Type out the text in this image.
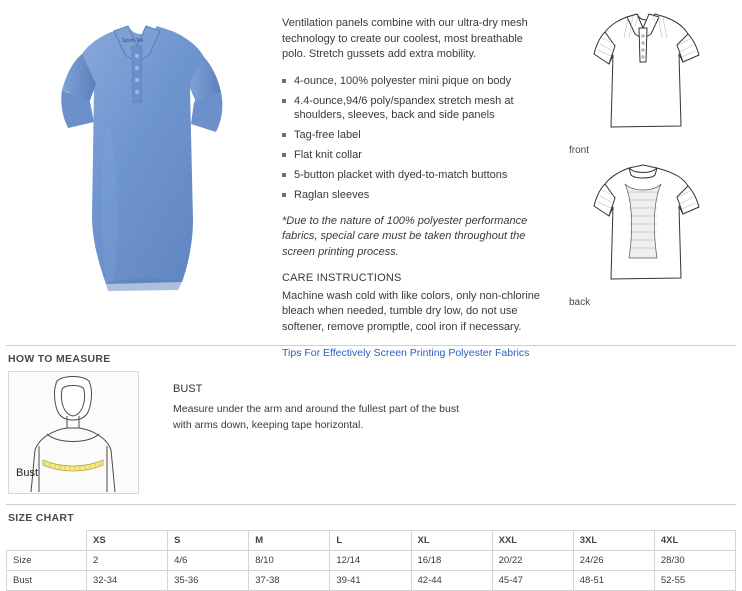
Sport-Tek

Ventilation panels combine with our ultra-dry mesh technology to create our coolest, most breathable polo. Stretch gussets add extra mobility.

4-ounce, 100% polyester mini pique on body
4.4-ounce,94/6 poly/spandex stretch mesh at shoulders, sleeves, back and side panels
Tag-free label
Flat knit collar
5-button placket with dyed-to-match buttons
Raglan sleeves

*Due to the nature of 100% polyester performance fabrics, special care must be taken throughout the screen printing process.

CARE INSTRUCTIONS

Machine wash cold with like colors, only non-chlorine bleach when needed, tumble dry low, do not use softener, remove promptle, cool iron if necessary.

Tips For Effectively Screen Printing Polyester Fabrics
front
back
HOW TO MEASURE
Bust
BUST

Measure under the arm and around the fullest part of the bust

with arms down, keeping tape horizontal.

SIZE CHART
	XS	S	M	L	XL	XXL	3XL	4XL
Size	2	4/6	8/10	12/14	16/18	20/22	24/26	28/30
Bust	32-34	35-36	37-38	39-41	42-44	45-47	48-51	52-55
